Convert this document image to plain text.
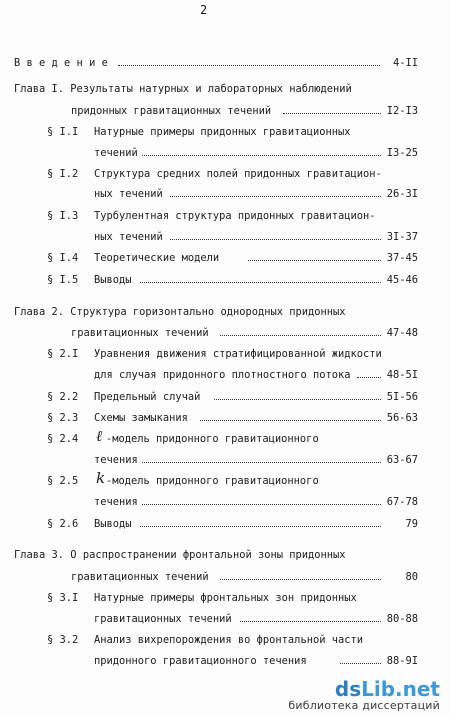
2
В в е д е н и е	4-II
Глава I. Результаты натурных и лабораторных наблюдений
придонных гравитационных течений	I2-I3
§ I.I Натурные примеры придонных гравитационных
течений	I3-25
§ I.2 Структура средних полей придонных гравитацион-
ных течений	26-3I
§ I.3 Турбулентная структура придонных гравитацион-
ных течений	3I-37
§ I.4 Теоретические модели	37-45
§ I.5 Выводы	45-46
Глава 2. Структура горизонтально однородных придонных
гравитационных течений	47-48
§ 2.I Уравнения движения стратифицированной жидкости
для случая придонного плотностного потока	48-5I
§ 2.2 Предельный случай	5I-56
§ 2.3 Схемы замыкания	56-63
§ 2.4 ℓ -модель придонного гравитационного
течения	63-67
§ 2.5 k -модель придонного гравитационного
течения	67-78
§ 2.6 Выводы	79
Глава 3. О распространении фронтальной зоны придонных
гравитационных течений	80
§ 3.I Натурные примеры фронтальных зон придонных
гравитационных течений	80-88
§ 3.2 Анализ вихрепорождения во фронтальной части
придонного гравитационного течения	88-9I
dsLib.net
библиотека диссертаций
